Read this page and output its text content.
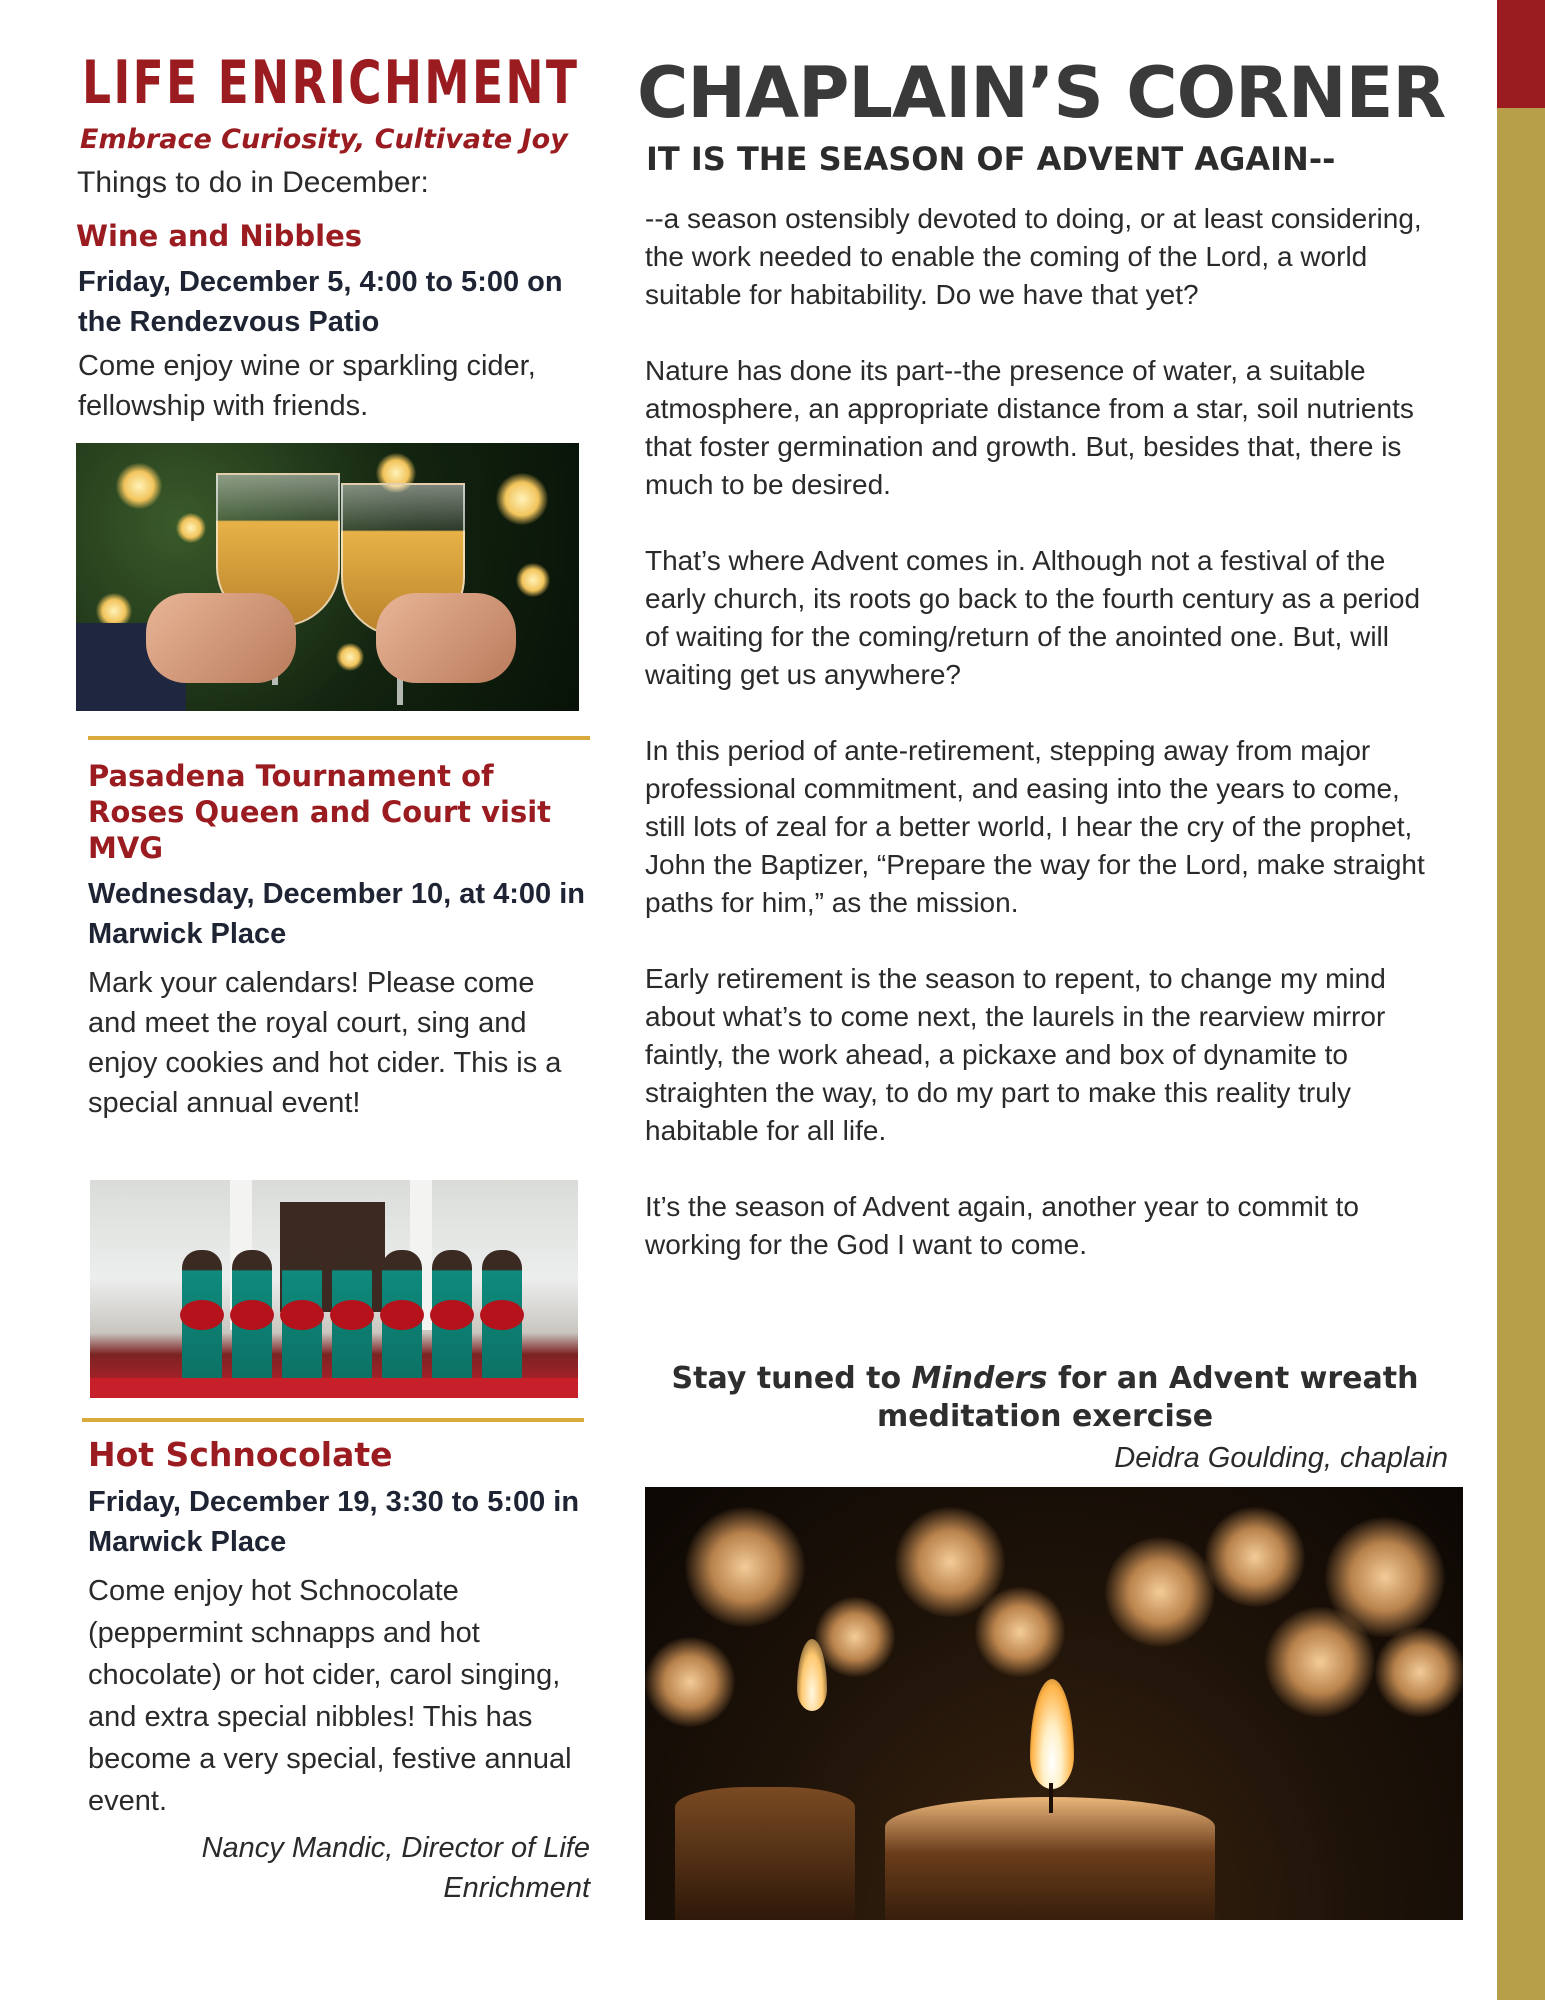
LIFE ENRICHMENT
Embrace Curiosity, Cultivate Joy
Things to do in December:
Wine and Nibbles
Friday, December 5, 4:00 to 5:00 on the Rendezvous Patio
Come enjoy wine or sparkling cider, fellowship with friends.
Pasadena Tournament of Roses Queen and Court visit MVG
Wednesday, December 10, at 4:00 in Marwick Place
Mark your calendars! Please come and meet the royal court, sing and enjoy cookies and hot cider. This is a special annual event!
Hot Schnocolate
Friday, December 19, 3:30 to 5:00 in Marwick Place
Come enjoy hot Schnocolate (peppermint schnapps and hot chocolate) or hot cider, carol singing, and extra special nibbles! This has become a very special, festive annual event.
Nancy Mandic, Director of Life Enrichment
CHAPLAIN’S CORNER
IT IS THE SEASON OF ADVENT AGAIN--

--a season ostensibly devoted to doing, or at least considering, the work needed to enable the coming of the Lord, a world suitable for habitability. Do we have that yet?

Nature has done its part--the presence of water, a suitable atmosphere, an appropriate distance from a star, soil nutrients that foster germination and growth. But, besides that, there is much to be desired.

That’s where Advent comes in. Although not a festival of the early church, its roots go back to the fourth century as a period of waiting for the coming/return of the anointed one. But, will waiting get us anywhere?

In this period of ante-retirement, stepping away from major professional commitment, and easing into the years to come, still lots of zeal for a better world, I hear the cry of the prophet, John the Baptizer, “Prepare the way for the Lord, make straight paths for him,” as the mission.

Early retirement is the season to repent, to change my mind about what’s to come next, the laurels in the rearview mirror faintly, the work ahead, a pickaxe and box of dynamite to straighten the way, to do my part to make this reality truly habitable for all life.

It’s the season of Advent again, another year to commit to working for the God I want to come.

Stay tuned to Minders for an Advent wreath meditation exercise
Deidra Goulding, chaplain
